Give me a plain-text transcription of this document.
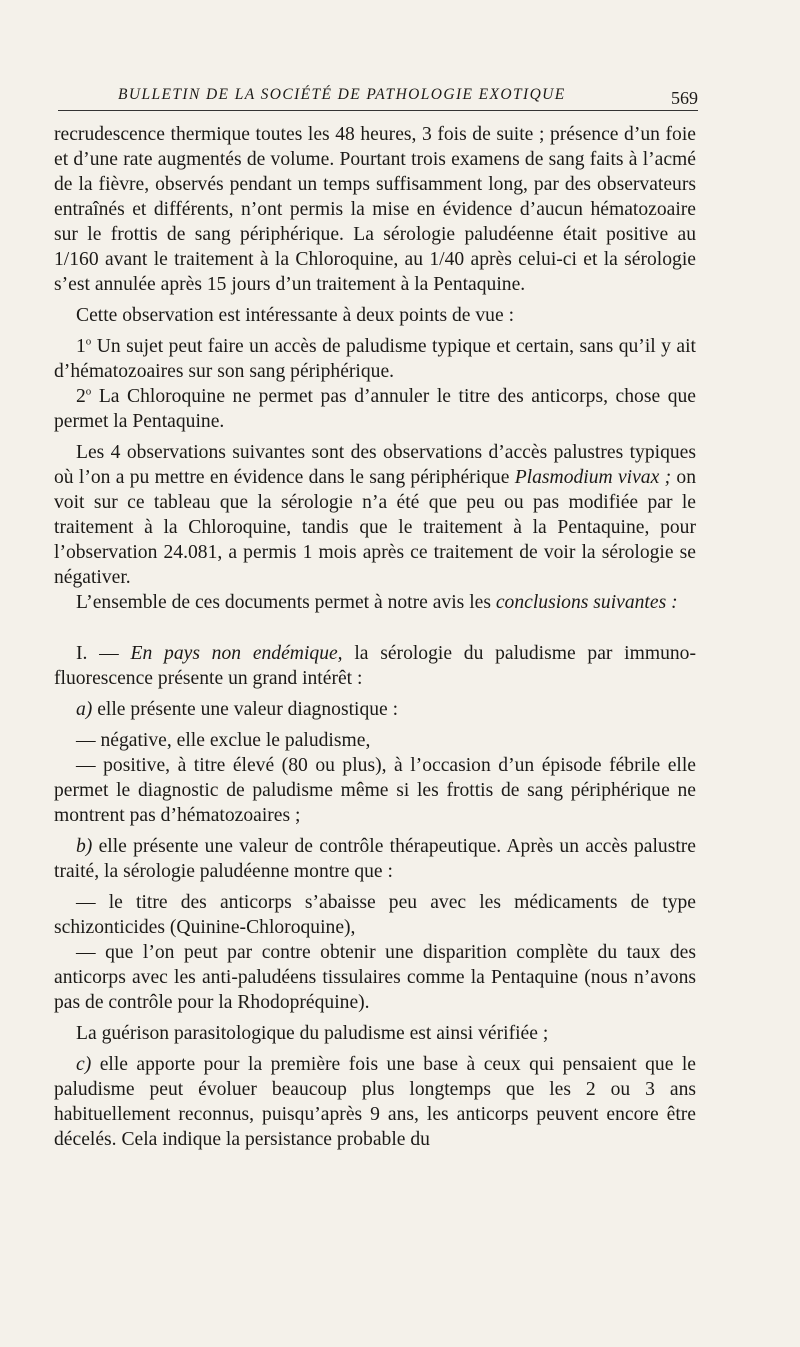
BULLETIN DE LA SOCIÉTÉ DE PATHOLOGIE EXOTIQUE	569

recrudescence thermique toutes les 48 heures, 3 fois de suite ; présence d’un foie et d’une rate augmentés de volume. Pourtant trois examens de sang faits à l’acmé de la fièvre, observés pendant un temps suffisamment long, par des observateurs entraînés et différents, n’ont permis la mise en évidence d’aucun hématozoaire sur le frottis de sang périphérique. La sérologie paludéenne était positive au 1/160 avant le traitement à la Chloroquine, au 1/40 après celui-ci et la sérologie s’est annulée après 15 jours d’un traitement à la Pentaquine.

Cette observation est intéressante à deux points de vue :

1$^o$ Un sujet peut faire un accès de paludisme typique et certain, sans qu’il y ait d’hématozoaires sur son sang périphérique.

2$^o$ La Chloroquine ne permet pas d’annuler le titre des anticorps, chose que permet la Pentaquine.

Les 4 observations suivantes sont des observations d’accès palustres typiques où l’on a pu mettre en évidence dans le sang périphérique Plasmodium vivax ; on voit sur ce tableau que la sérologie n’a été que peu ou pas modifiée par le traitement à la Chloroquine, tandis que le traitement à la Pentaquine, pour l’observation 24.081, a permis 1 mois après ce traitement de voir la sérologie se négativer.

L’ensemble de ces documents permet à notre avis les conclusions suivantes :

I. — En pays non endémique, la sérologie du paludisme par immuno-fluorescence présente un grand intérêt :

a) elle présente une valeur diagnostique :

— négative, elle exclue le paludisme,

— positive, à titre élevé (80 ou plus), à l’occasion d’un épisode fébrile elle permet le diagnostic de paludisme même si les frottis de sang périphérique ne montrent pas d’hématozoaires ;

b) elle présente une valeur de contrôle thérapeutique. Après un accès palustre traité, la sérologie paludéenne montre que :

— le titre des anticorps s’abaisse peu avec les médicaments de type schizonticides (Quinine-Chloroquine),

— que l’on peut par contre obtenir une disparition complète du taux des anticorps avec les anti-paludéens tissulaires comme la Pentaquine (nous n’avons pas de contrôle pour la Rhodopréquine).

La guérison parasitologique du paludisme est ainsi vérifiée ;

c) elle apporte pour la première fois une base à ceux qui pensaient que le paludisme peut évoluer beaucoup plus longtemps que les 2 ou 3 ans habituellement reconnus, puisqu’après 9 ans, les anticorps peuvent encore être décelés. Cela indique la persistance probable du
